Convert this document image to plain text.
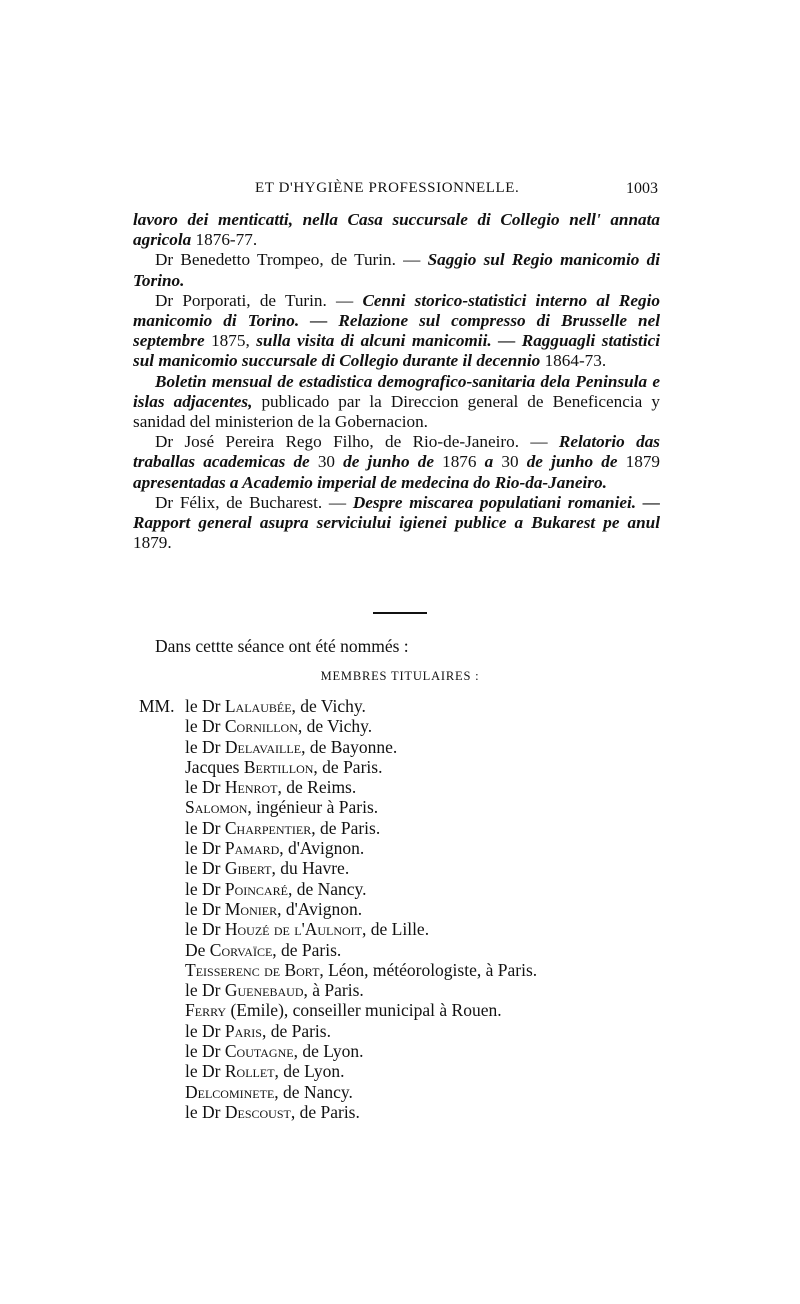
ET D'HYGIÈNE PROFESSIONNELLE.	1003

lavoro dei menticatti, nella Casa succursale di Collegio nell' annata agricola 1876-77.

Dr Benedetto Trompeo, de Turin. — Saggio sul Regio manicomio di Torino.

Dr Porporati, de Turin. — Cenni storico-statistici interno al Regio manicomio di Torino. — Relazione sul compresso di Brusselle nel septembre 1875, sulla visita di alcuni manicomii. — Ragguagli statistici sul manicomio succursale di Collegio durante il decennio 1864-73.

Boletin mensual de estadistica demografico-sanitaria dela Peninsula e islas adjacentes, publicado par la Direccion general de Beneficencia y sanidad del ministerion de la Gobernacion.

Dr José Pereira Rego Filho, de Rio-de-Janeiro. — Relatorio das traballas academicas de 30 de junho de 1876 a 30 de junho de 1879 apresentadas a Academio imperial de medecina do Rio-da-Janeiro.

Dr Félix, de Bucharest. — Despre miscarea populatiani romaniei. — Rapport general asupra serviciului igienei publice a Bukarest pe anul 1879.

Dans cettte séance ont été nommés :
MEMBRES TITULAIRES :
MM. le Dr Lalaubée, de Vichy.
le Dr Cornillon, de Vichy.
le Dr Delavaille, de Bayonne.
Jacques Bertillon, de Paris.
le Dr Henrot, de Reims.
Salomon, ingénieur à Paris.
le Dr Charpentier, de Paris.
le Dr Pamard, d'Avignon.
le Dr Gibert, du Havre.
le Dr Poincaré, de Nancy.
le Dr Monier, d'Avignon.
le Dr Houzé de l'Aulnoit, de Lille.
De Corvaïce, de Paris.
Teisserenc de Bort, Léon, météorologiste, à Paris.
le Dr Guenebaud, à Paris.
Ferry (Emile), conseiller municipal à Rouen.
le Dr Paris, de Paris.
le Dr Coutagne, de Lyon.
le Dr Rollet, de Lyon.
Delcominete, de Nancy.
le Dr Descoust, de Paris.
